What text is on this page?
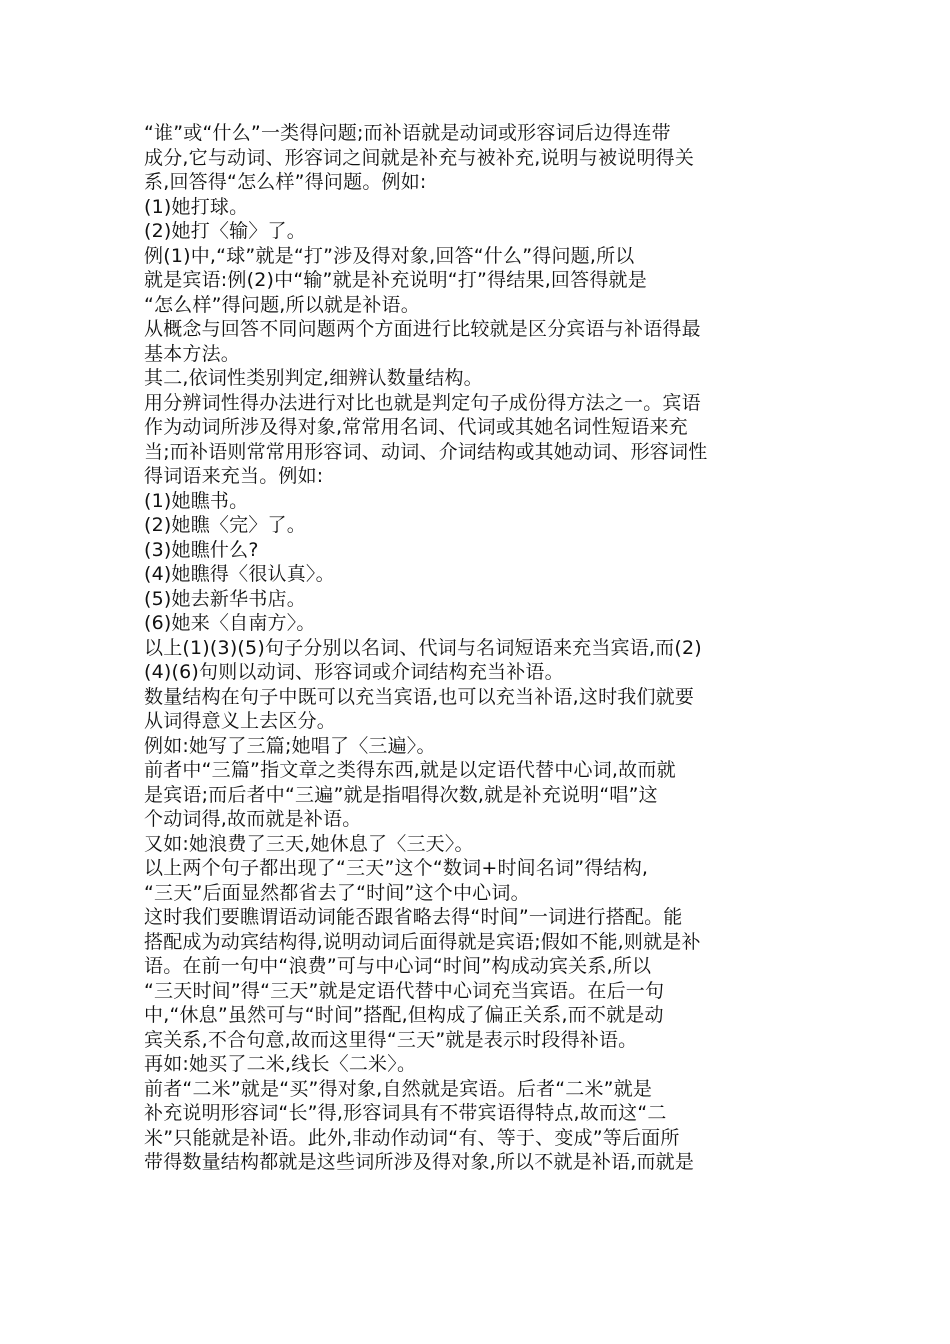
“谁”或“什么”一类得问题;而补语就是动词或形容词后边得连带
成分,它与动词、形容词之间就是补充与被补充,说明与被说明得关
系,回答得“怎么样”得问题。例如:
(1)她打球。
(2)她打〈输〉了。
例(1)中,“球”就是“打”涉及得对象,回答“什么”得问题,所以
就是宾语:例(2)中“输”就是补充说明“打”得结果,回答得就是
“怎么样”得问题,所以就是补语。
从概念与回答不同问题两个方面进行比较就是区分宾语与补语得最
基本方法。
其二,依词性类别判定,细辨认数量结构。
用分辨词性得办法进行对比也就是判定句子成份得方法之一。宾语
作为动词所涉及得对象,常常用名词、代词或其她名词性短语来充
当;而补语则常常用形容词、动词、介词结构或其她动词、形容词性
得词语来充当。例如:
(1)她瞧书。
(2)她瞧〈完〉了。
(3)她瞧什么?
(4)她瞧得〈很认真〉。
(5)她去新华书店。
(6)她来〈自南方〉。
以上(1)(3)(5)句子分别以名词、代词与名词短语来充当宾语,而(2)
(4)(6)句则以动词、形容词或介词结构充当补语。
数量结构在句子中既可以充当宾语,也可以充当补语,这时我们就要
从词得意义上去区分。
例如:她写了三篇;她唱了〈三遍〉。
前者中“三篇”指文章之类得东西,就是以定语代替中心词,故而就
是宾语;而后者中“三遍”就是指唱得次数,就是补充说明“唱”这
个动词得,故而就是补语。
又如:她浪费了三天,她休息了〈三天〉。
以上两个句子都出现了“三天”这个“数词+时间名词”得结构,
“三天”后面显然都省去了“时间”这个中心词。
这时我们要瞧谓语动词能否跟省略去得“时间”一词进行搭配。能
搭配成为动宾结构得,说明动词后面得就是宾语;假如不能,则就是补
语。在前一句中“浪费”可与中心词“时间”构成动宾关系,所以
“三天时间”得“三天”就是定语代替中心词充当宾语。在后一句
中,“休息”虽然可与“时间”搭配,但构成了偏正关系,而不就是动
宾关系,不合句意,故而这里得“三天”就是表示时段得补语。
再如:她买了二米,线长〈二米〉。
前者“二米”就是“买”得对象,自然就是宾语。后者“二米”就是
补充说明形容词“长”得,形容词具有不带宾语得特点,故而这“二
米”只能就是补语。此外,非动作动词“有、等于、变成”等后面所
带得数量结构都就是这些词所涉及得对象,所以不就是补语,而就是
